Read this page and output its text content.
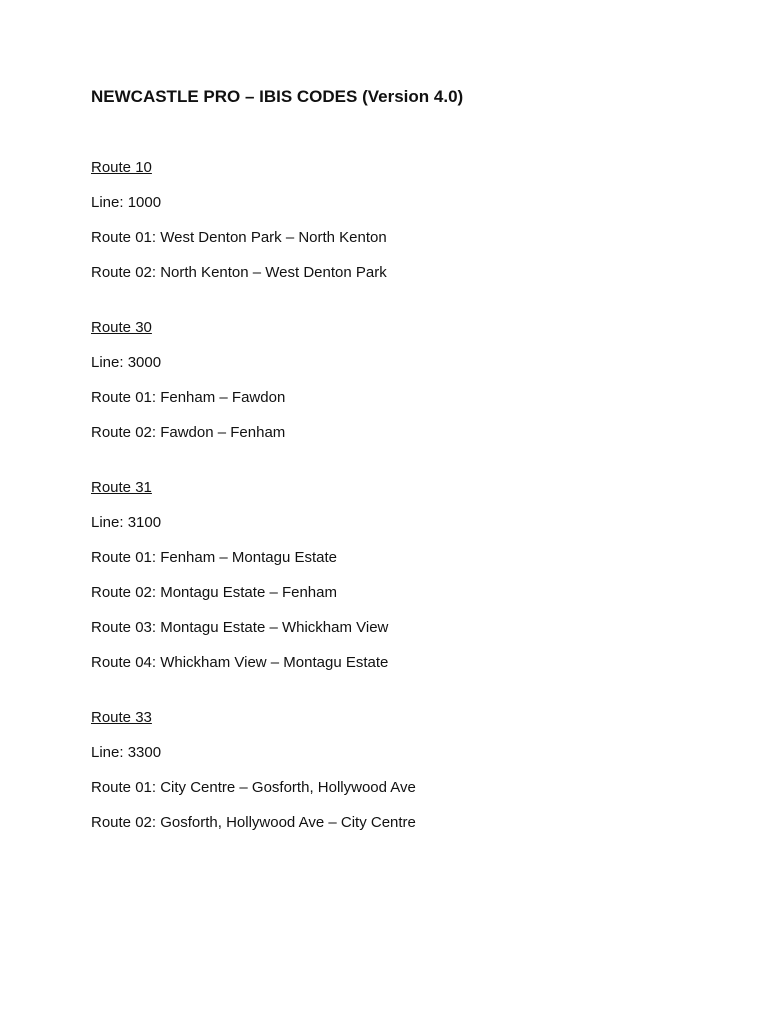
NEWCASTLE PRO – IBIS CODES (Version 4.0)

Route 10

Line: 1000

Route 01: West Denton Park – North Kenton

Route 02: North Kenton – West Denton Park

Route 30

Line: 3000

Route 01: Fenham – Fawdon

Route 02: Fawdon – Fenham

Route 31

Line: 3100

Route 01: Fenham – Montagu Estate

Route 02: Montagu Estate – Fenham

Route 03: Montagu Estate – Whickham View

Route 04: Whickham View – Montagu Estate

Route 33

Line: 3300

Route 01: City Centre – Gosforth, Hollywood Ave

Route 02: Gosforth, Hollywood Ave – City Centre
